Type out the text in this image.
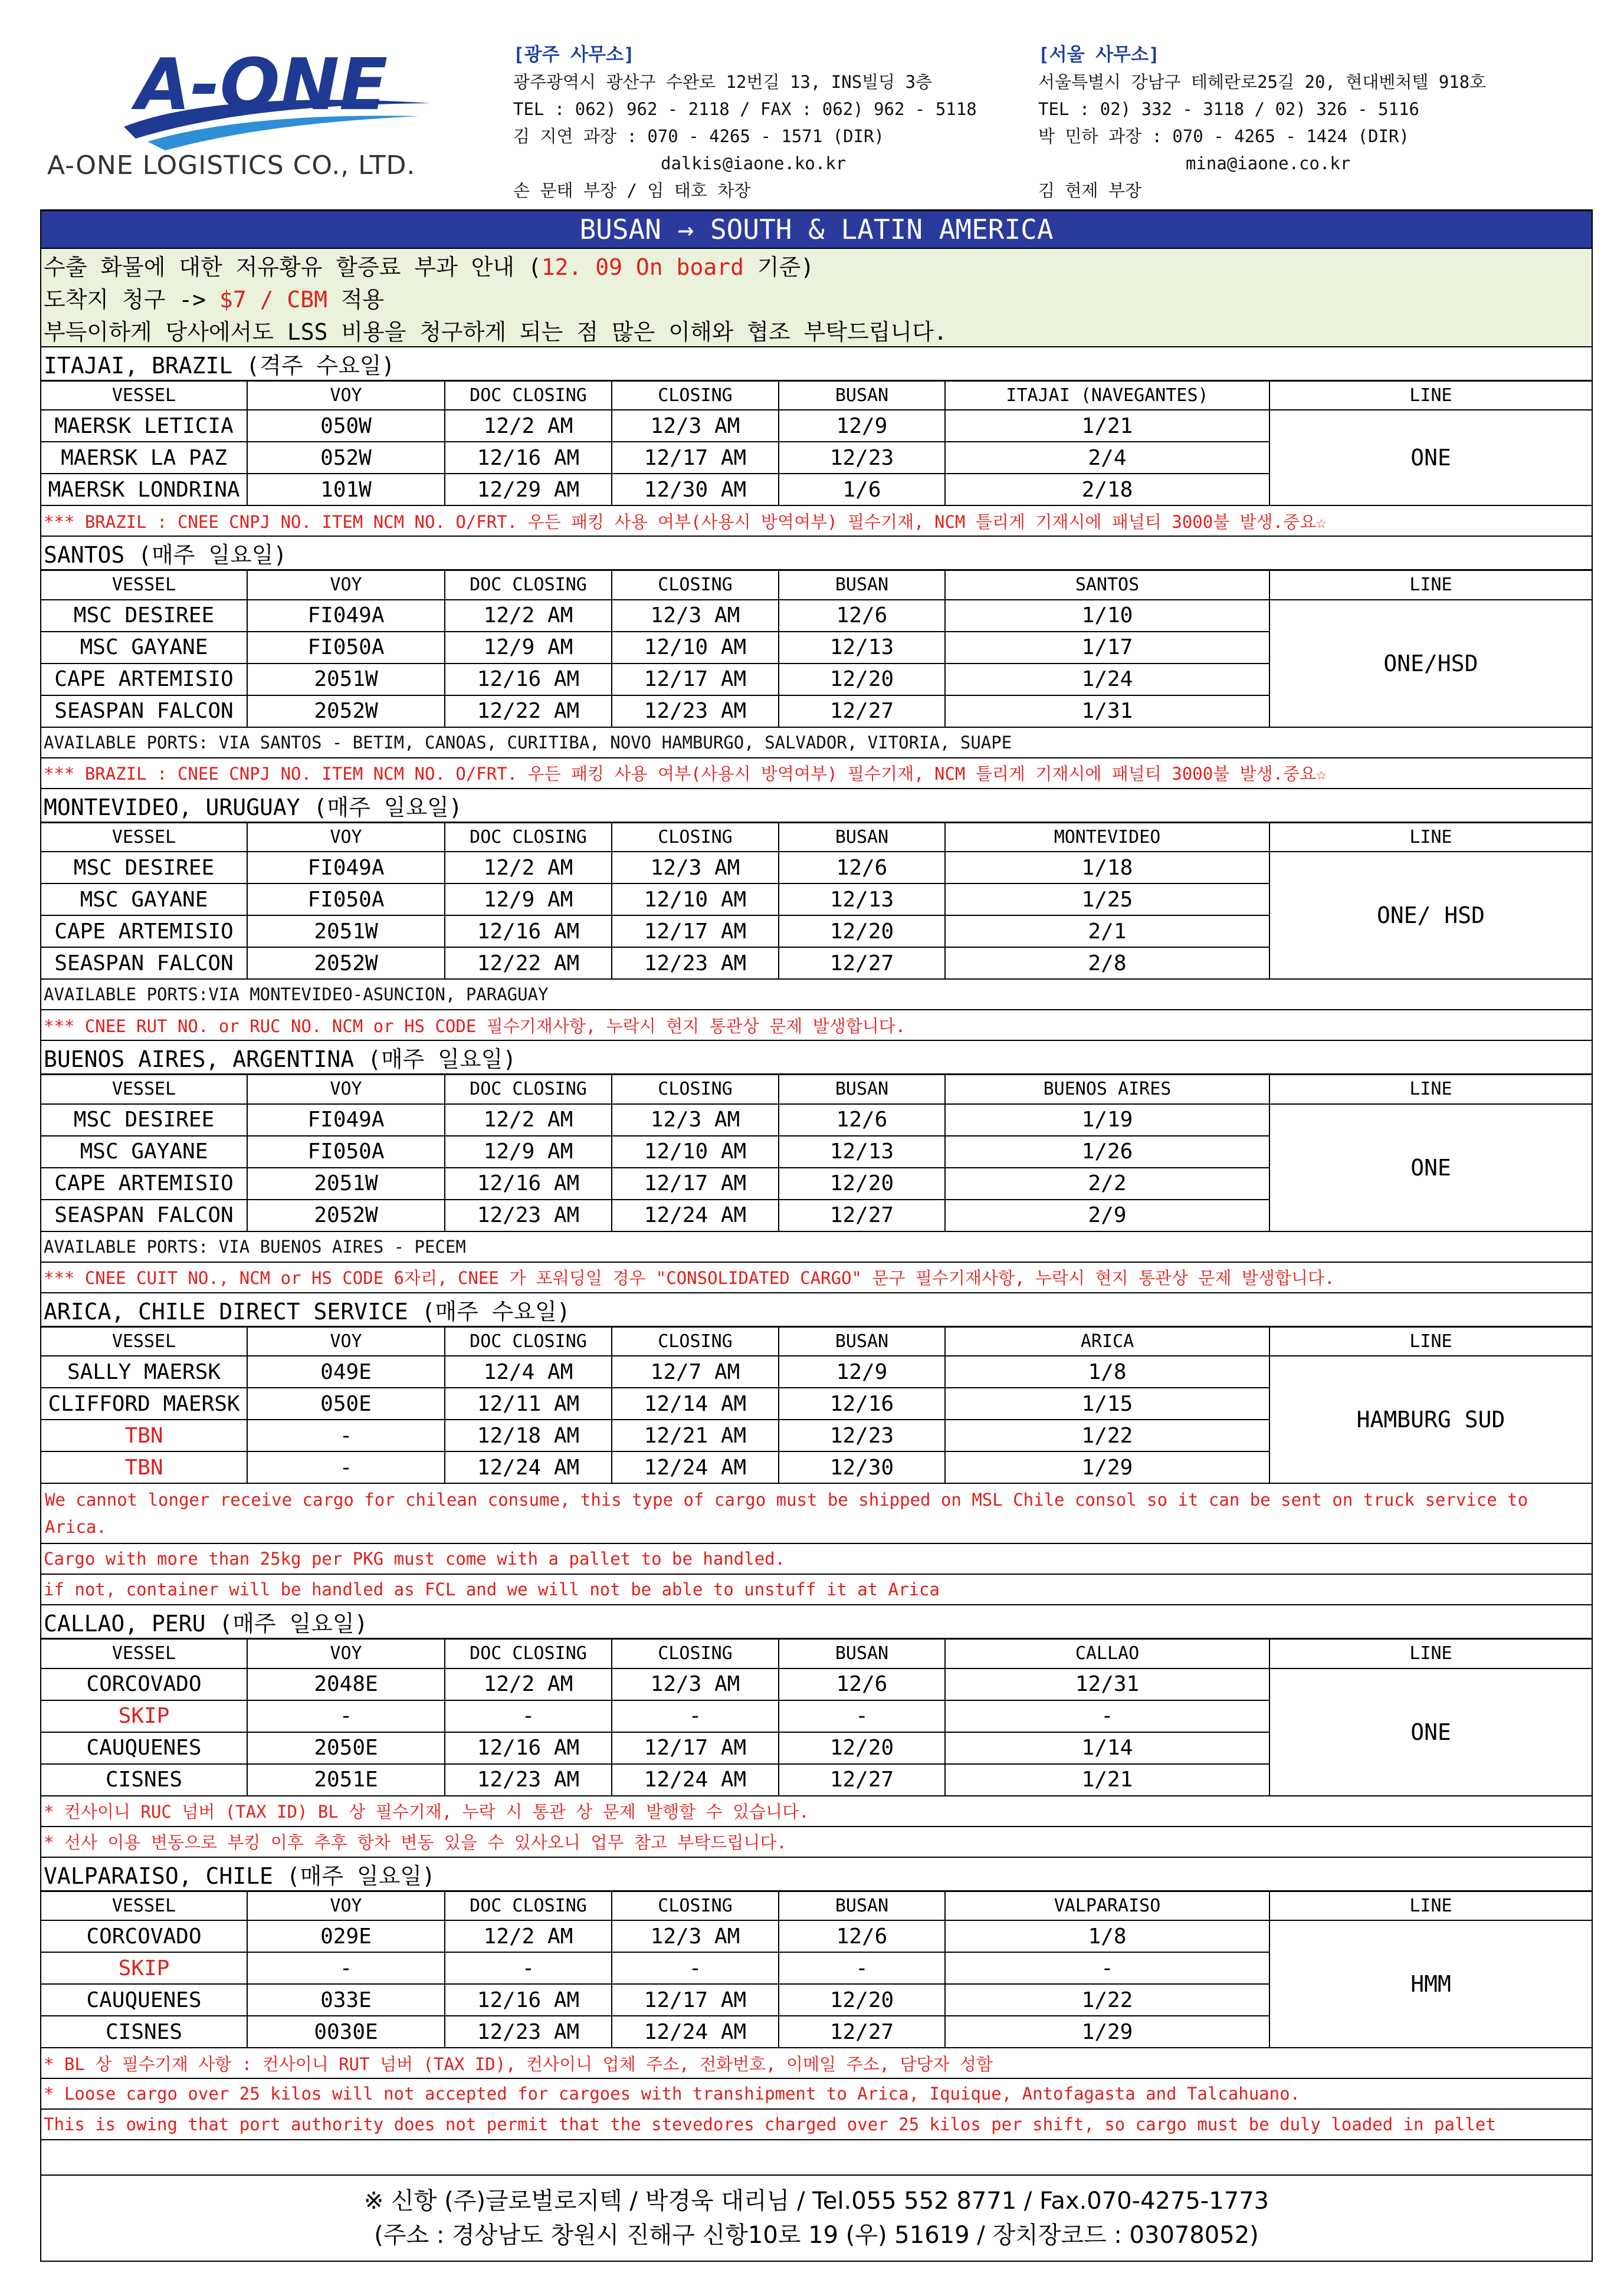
A-ONE
A-ONE LOGISTICS CO., LTD.
[광주 사무소]
광주광역시 광산구 수완로 12번길 13, INS빌딩 3층
TEL : 062) 962 - 2118 / FAX : 062) 962 - 5118
김 지연 과장 : 070 - 4265 - 1571 (DIR)
dalkis@iaone.ko.kr
손 문태 부장 / 임 태호 차장
[서울 사무소]
서울특별시 강남구 테헤란로25길 20, 현대벤처텔 918호
TEL : 02) 332 - 3118 / 02) 326 - 5116
박 민하 과장 : 070 - 4265 - 1424 (DIR)
mina@iaone.co.kr
김 현제 부장
BUSAN → SOUTH & LATIN AMERICA						
수출 화물에 대한 저유황유 할증료 부과 안내 (12. 09 On board 기준)						
도착지 청구 -> $7 / CBM 적용						
부득이하게 당사에서도 LSS 비용을 청구하게 되는 점 많은 이해와 협조 부탁드립니다.						
ITAJAI, BRAZIL (격주 수요일)						
VESSEL	VOY	DOC CLOSING	CLOSING	BUSAN	ITAJAI (NAVEGANTES)	LINE
MAERSK LETICIA	050W	12/2 AM	12/3 AM	12/9	1/21	ONE
MAERSK LA PAZ	052W	12/16 AM	12/17 AM	12/23	2/4	
MAERSK LONDRINA	101W	12/29 AM	12/30 AM	1/6	2/18	
*** BRAZIL : CNEE CNPJ NO. ITEM NCM NO. O/FRT. 우든 패킹 사용 여부(사용시 방역여부) 필수기재, NCM 틀리게 기재시에 패널티 3000불 발생.중요☆						
SANTOS (매주 일요일)						
VESSEL	VOY	DOC CLOSING	CLOSING	BUSAN	SANTOS	LINE
MSC DESIREE	FI049A	12/2 AM	12/3 AM	12/6	1/10	ONE/HSD
MSC GAYANE	FI050A	12/9 AM	12/10 AM	12/13	1/17	
CAPE ARTEMISIO	2051W	12/16 AM	12/17 AM	12/20	1/24	
SEASPAN FALCON	2052W	12/22 AM	12/23 AM	12/27	1/31	
AVAILABLE PORTS: VIA SANTOS - BETIM, CANOAS, CURITIBA, NOVO HAMBURGO, SALVADOR, VITORIA, SUAPE						
*** BRAZIL : CNEE CNPJ NO. ITEM NCM NO. O/FRT. 우든 패킹 사용 여부(사용시 방역여부) 필수기재, NCM 틀리게 기재시에 패널티 3000불 발생.중요☆						
MONTEVIDEO, URUGUAY (매주 일요일)						
VESSEL	VOY	DOC CLOSING	CLOSING	BUSAN	MONTEVIDEO	LINE
MSC DESIREE	FI049A	12/2 AM	12/3 AM	12/6	1/18	ONE/ HSD
MSC GAYANE	FI050A	12/9 AM	12/10 AM	12/13	1/25	
CAPE ARTEMISIO	2051W	12/16 AM	12/17 AM	12/20	2/1	
SEASPAN FALCON	2052W	12/22 AM	12/23 AM	12/27	2/8	
AVAILABLE PORTS:VIA MONTEVIDEO-ASUNCION, PARAGUAY						
*** CNEE RUT NO. or RUC NO. NCM or HS CODE 필수기재사항, 누락시 현지 통관상 문제 발생합니다.						
BUENOS AIRES, ARGENTINA (매주 일요일)						
VESSEL	VOY	DOC CLOSING	CLOSING	BUSAN	BUENOS AIRES	LINE
MSC DESIREE	FI049A	12/2 AM	12/3 AM	12/6	1/19	ONE
MSC GAYANE	FI050A	12/9 AM	12/10 AM	12/13	1/26	
CAPE ARTEMISIO	2051W	12/16 AM	12/17 AM	12/20	2/2	
SEASPAN FALCON	2052W	12/23 AM	12/24 AM	12/27	2/9	
AVAILABLE PORTS: VIA BUENOS AIRES - PECEM						
*** CNEE CUIT NO., NCM or HS CODE 6자리, CNEE 가 포워딩일 경우 "CONSOLIDATED CARGO" 문구 필수기재사항, 누락시 현지 통관상 문제 발생합니다.						
ARICA, CHILE DIRECT SERVICE (매주 수요일)						
VESSEL	VOY	DOC CLOSING	CLOSING	BUSAN	ARICA	LINE
SALLY MAERSK	049E	12/4 AM	12/7 AM	12/9	1/8	HAMBURG SUD
CLIFFORD MAERSK	050E	12/11 AM	12/14 AM	12/16	1/15	
TBN	-	12/18 AM	12/21 AM	12/23	1/22	
TBN	-	12/24 AM	12/24 AM	12/30	1/29	
We cannot longer receive cargo for chilean consume, this type of cargo must be shipped on MSL Chile consol so it can be sent on truck service to Arica.						
Cargo with more than 25kg per PKG must come with a pallet to be handled.						
if not, container will be handled as FCL and we will not be able to unstuff it at Arica						
CALLAO, PERU (매주 일요일)						
VESSEL	VOY	DOC CLOSING	CLOSING	BUSAN	CALLAO	LINE
CORCOVADO	2048E	12/2 AM	12/3 AM	12/6	12/31	ONE
SKIP	-	-	-	-	-	
CAUQUENES	2050E	12/16 AM	12/17 AM	12/20	1/14	
CISNES	2051E	12/23 AM	12/24 AM	12/27	1/21	
* 컨사이니 RUC 넘버 (TAX ID) BL 상 필수기재, 누락 시 통관 상 문제 발행할 수 있습니다.						
* 선사 이용 변동으로 부킹 이후 추후 항차 변동 있을 수 있사오니 업무 참고 부탁드립니다.						
VALPARAISO, CHILE (매주 일요일)						
VESSEL	VOY	DOC CLOSING	CLOSING	BUSAN	VALPARAISO	LINE
CORCOVADO	029E	12/2 AM	12/3 AM	12/6	1/8	HMM
SKIP	-	-	-	-	-	
CAUQUENES	033E	12/16 AM	12/17 AM	12/20	1/22	
CISNES	0030E	12/23 AM	12/24 AM	12/27	1/29	
* BL 상 필수기재 사항 : 컨사이니 RUT 넘버 (TAX ID), 컨사이니 업체 주소, 전화번호, 이메일 주소, 담당자 성함						
* Loose cargo over 25 kilos will not accepted for cargoes with transhipment to Arica, Iquique, Antofagasta and Talcahuano.						
This is owing that port authority does not permit that the stevedores charged over 25 kilos per shift, so cargo must be duly loaded in pallet						

※ 신항 (주)글로벌로지텍 / 박경욱 대리님 / Tel.055 552 8771 / Fax.070-4275-1773
(주소 : 경상남도 창원시 진해구 신항10로 19 (우) 51619 / 장치장코드 : 03078052)						
